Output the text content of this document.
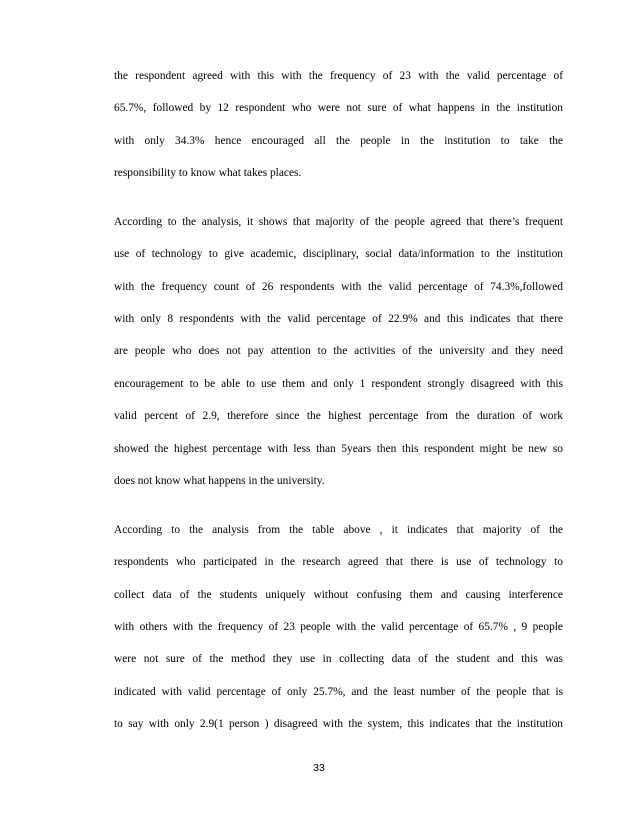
the respondent agreed with this with the frequency of 23 with the valid percentage of
65.7%, followed by 12 respondent who were not sure of what happens in the institution
with only 34.3% hence encouraged all the people in the institution to take the
responsibility to know what takes places.
According to the analysis, it shows that majority of the people agreed that there’s frequent
use of technology to give academic, disciplinary, social data/information to the institution
with the frequency count of 26 respondents with the valid percentage of 74.3%,followed
with only 8 respondents with the valid percentage of 22.9% and this indicates that there
are people who does not pay attention to the activities of the university and they need
encouragement to be able to use them and only 1 respondent strongly disagreed with this
valid percent of 2.9, therefore since the highest percentage from the duration of work
showed the highest percentage with less than 5years then this respondent might be new so
does not know what happens in the university.
According to the analysis from the table above , it indicates that majority of the
respondents who participated in the research agreed that there is use of technology to
collect data of the students uniquely without confusing them and causing interference
with others with the frequency of 23 people with the valid percentage of 65.7% , 9 people
were not sure of the method they use in collecting data of the student and this was
indicated with valid percentage of only 25.7%, and the least number of the people that is
to say with only 2.9(1 person ) disagreed with the system, this indicates that the institution
33
